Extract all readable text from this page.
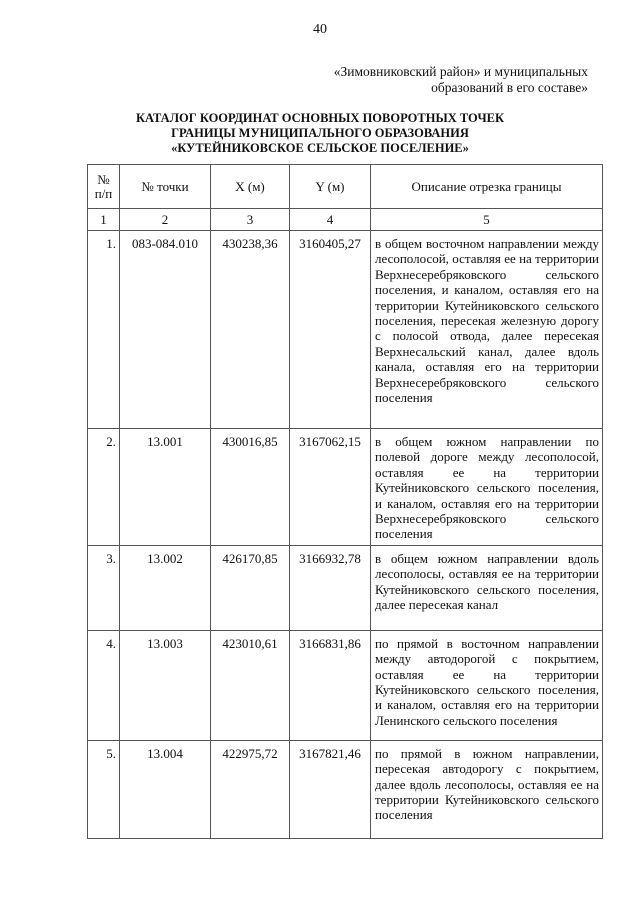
40
«Зимовниковский район» и муниципальных
образований в его составе»
КАТАЛОГ КООРДИНАТ ОСНОВНЫХ ПОВОРОТНЫХ ТОЧЕК
ГРАНИЦЫ МУНИЦИПАЛЬНОГО ОБРАЗОВАНИЯ
«КУТЕЙНИКОВСКОЕ СЕЛЬСКОЕ ПОСЕЛЕНИЕ»
№
п/п	№ точки	X (м)	Y (м)	Описание отрезка границы
1	2	3	4	5
1.	083-084.010	430238,36	3160405,27	в общем восточном направлении между лесополосой, оставляя ее на территории Верхнесеребряковского сельского поселения, и каналом, оставляя его на территории Кутейниковского сельского поселения, пересекая железную дорогу с полосой отвода, далее пересекая Верхнесальский канал, далее вдоль канала, оставляя его на территории Верхнесеребряковского сельского поселения
2.	13.001	430016,85	3167062,15	в общем южном направлении по полевой дороге между лесополосой, оставляя ее на территории Кутейниковского сельского поселения, и каналом, оставляя его на территории Верхнесеребряковского сельского поселения
3.	13.002	426170,85	3166932,78	в общем южном направлении вдоль лесополосы, оставляя ее на территории Кутейниковского сельского поселения, далее пересекая канал
4.	13.003	423010,61	3166831,86	по прямой в восточном направлении между автодорогой с покрытием, оставляя ее на территории Кутейниковского сельского поселения, и каналом, оставляя его на территории Ленинского сельского поселения
5.	13.004	422975,72	3167821,46	по прямой в южном направлении, пересекая автодорогу с покрытием, далее вдоль лесополосы, оставляя ее на территории Кутейниковского сельского поселения
